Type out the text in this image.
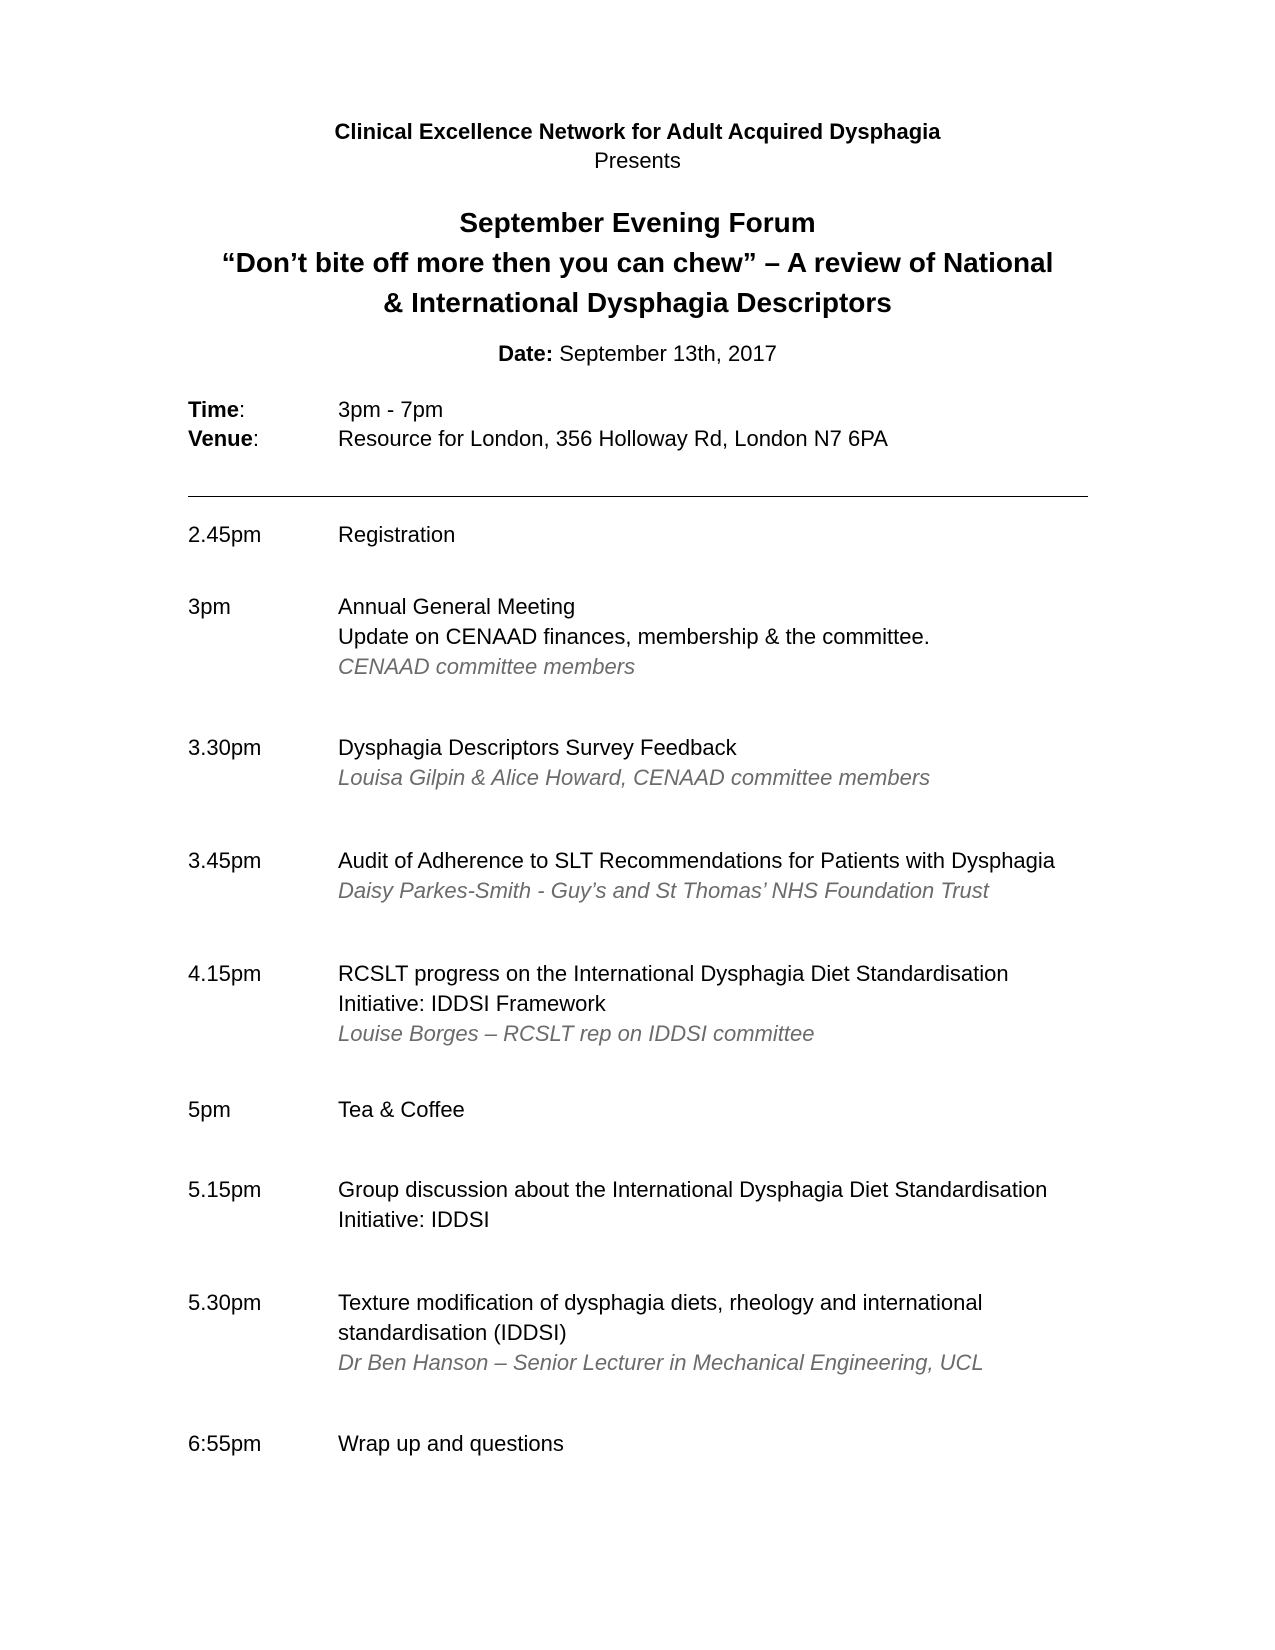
Clinical Excellence Network for Adult Acquired Dysphagia
Presents
September Evening Forum
“Don’t bite off more then you can chew” – A review of National
& International Dysphagia Descriptors
Date: September 13th, 2017
Time:	3pm - 7pm
Venue:	Resource for London, 356 Holloway Rd, London N7 6PA
2.45pm	Registration
3pm	Annual General Meeting
Update on CENAAD finances, membership & the committee.
CENAAD committee members
3.30pm	Dysphagia Descriptors Survey Feedback
Louisa Gilpin & Alice Howard, CENAAD committee members
3.45pm	Audit of Adherence to SLT Recommendations for Patients with Dysphagia
Daisy Parkes-Smith - Guy’s and St Thomas’ NHS Foundation Trust
4.15pm	RCSLT progress on the International Dysphagia Diet Standardisation
Initiative: IDDSI Framework
Louise Borges – RCSLT rep on IDDSI committee
5pm	Tea & Coffee
5.15pm	Group discussion about the International Dysphagia Diet Standardisation
Initiative: IDDSI
5.30pm	Texture modification of dysphagia diets, rheology and international
standardisation (IDDSI)
Dr Ben Hanson – Senior Lecturer in Mechanical Engineering, UCL
6:55pm	Wrap up and questions
